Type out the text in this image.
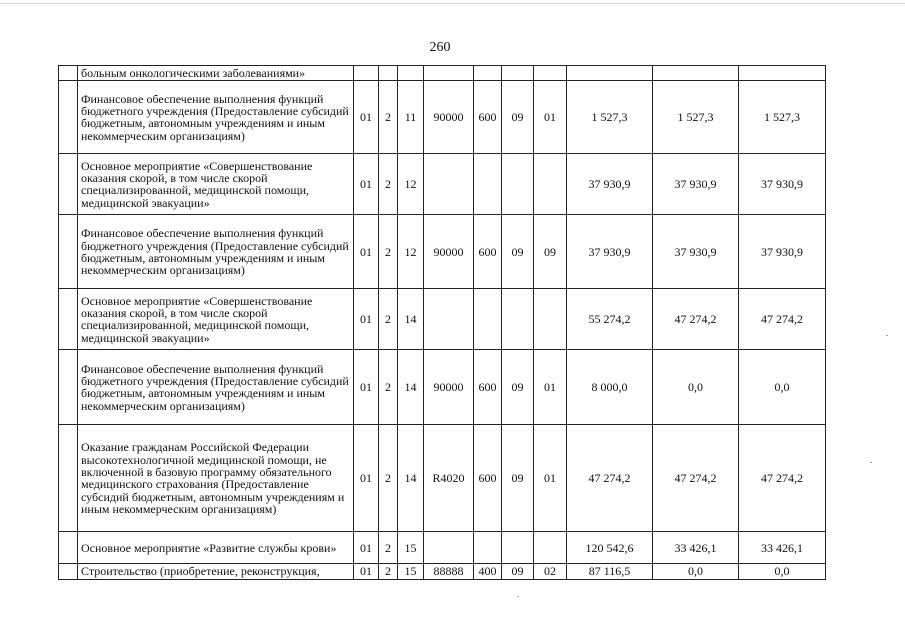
260
	больным онкологическими заболеваниями»										
	Финансовое обеспечение выполнения функций бюджетного учреждения (Предоставление субсидий бюджетным, автономным учреждениям и иным некоммерческим организациям)	01	2	11	90000	600	09	01	1 527,3	1 527,3	1 527,3
	Основное мероприятие «Совершенствование оказания скорой, в том числе скорой специализированной, медицинской помощи, медицинской эвакуации»	01	2	12					37 930,9	37 930,9	37 930,9
	Финансовое обеспечение выполнения функций бюджетного учреждения (Предоставление субсидий бюджетным, автономным учреждениям и иным некоммерческим организациям)	01	2	12	90000	600	09	09	37 930,9	37 930,9	37 930,9
	Основное мероприятие «Совершенствование оказания скорой, в том числе скорой специализированной, медицинской помощи, медицинской эвакуации»	01	2	14					55 274,2	47 274,2	47 274,2
	Финансовое обеспечение выполнения функций бюджетного учреждения (Предоставление субсидий бюджетным, автономным учреждениям и иным некоммерческим организациям)	01	2	14	90000	600	09	01	8 000,0	0,0	0,0
	Оказание гражданам Российской Федерации высокотехнологичной медицинской помощи, не включенной в базовую программу обязательного медицинского страхования (Предоставление субсидий бюджетным, автономным учреждениям и иным некоммерческим организациям)	01	2	14	R4020	600	09	01	47 274,2	47 274,2	47 274,2
	Основное мероприятие «Развитие службы крови»	01	2	15					120 542,6	33 426,1	33 426,1
	Строительство (приобретение, реконструкция,	01	2	15	88888	400	09	02	87 116,5	0,0	0,0
